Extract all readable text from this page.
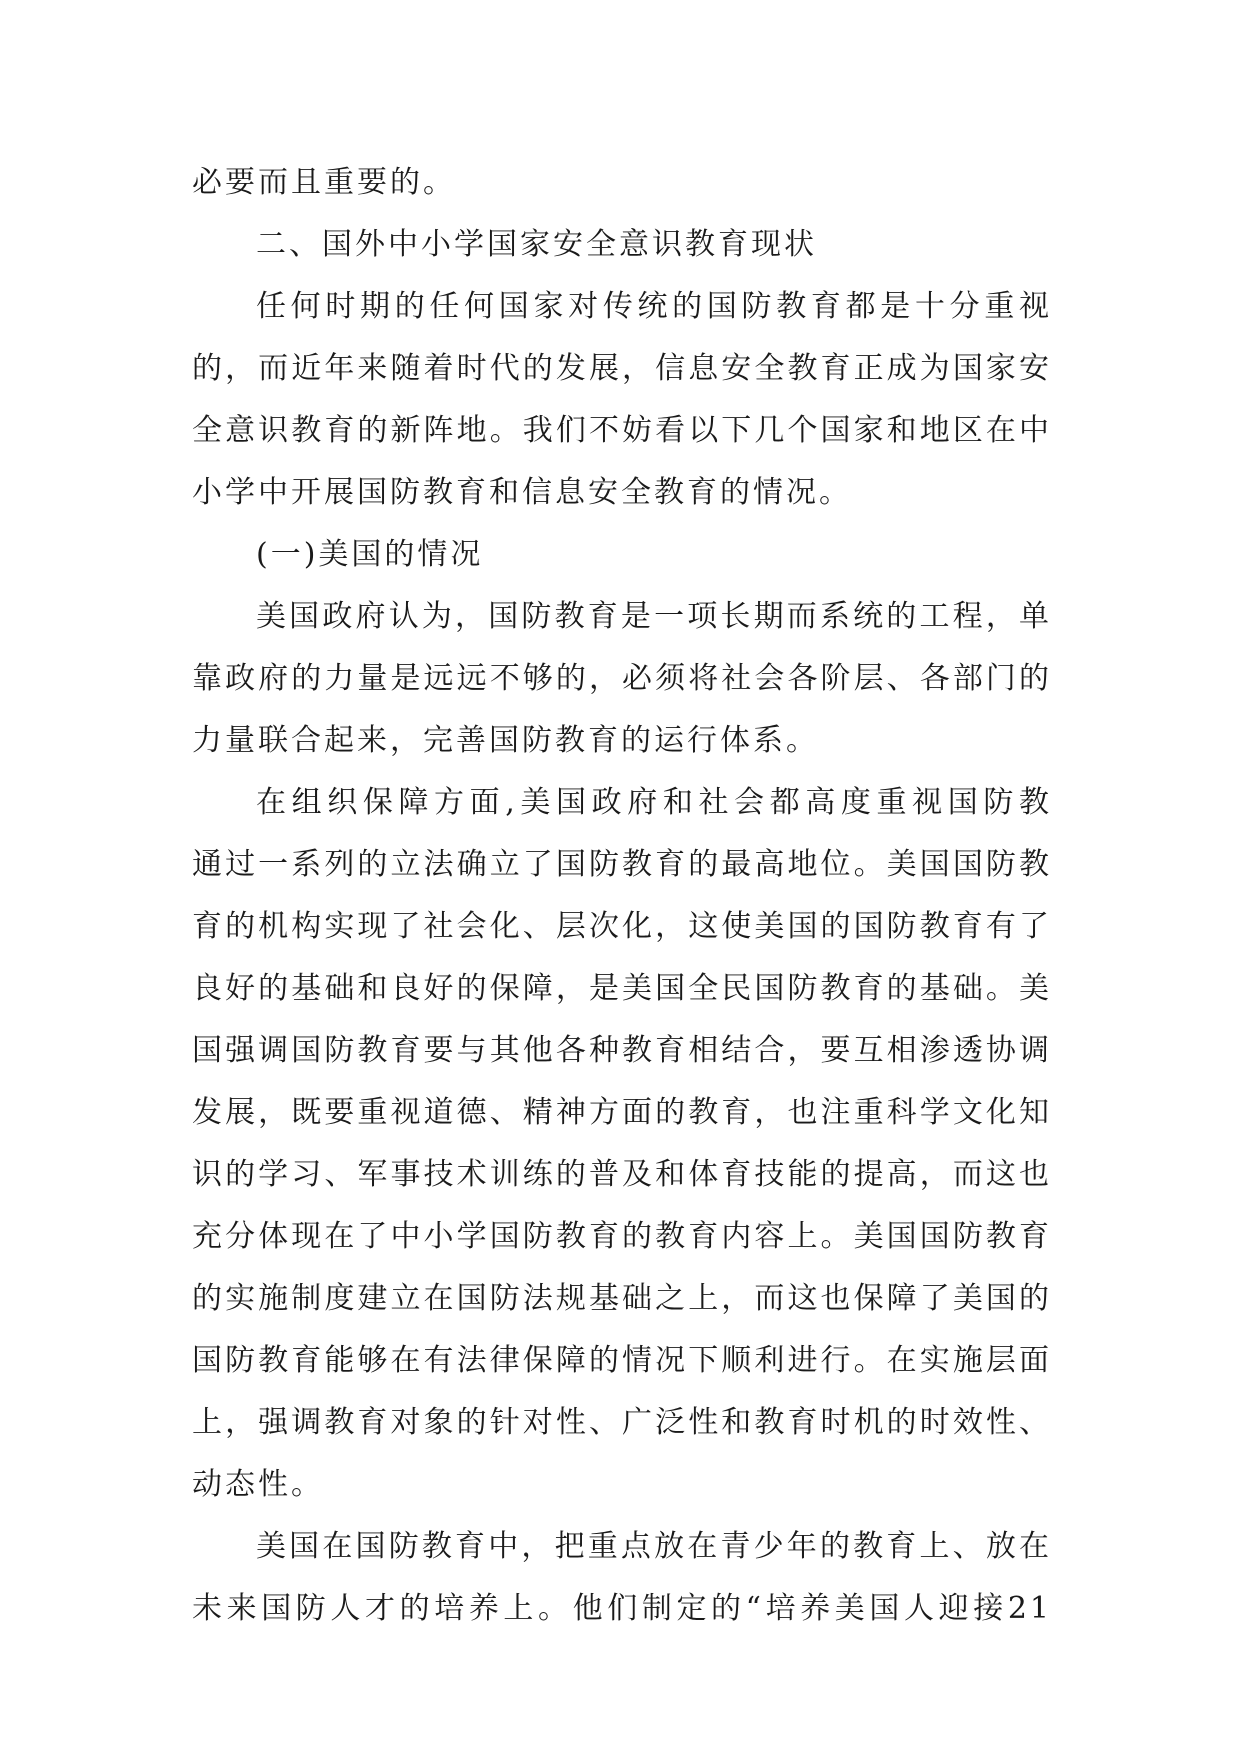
必要而且重要的。
二、国外中小学国家安全意识教育现状
任何时期的任何国家对传统的国防教育都是十分重视
的，而近年来随着时代的发展，信息安全教育正成为国家安
全意识教育的新阵地。我们不妨看以下几个国家和地区在中
小学中开展国防教育和信息安全教育的情况。
(一)美国的情况
美国政府认为，国防教育是一项长期而系统的工程，单
靠政府的力量是远远不够的，必须将社会各阶层、各部门的
力量联合起来，完善国防教育的运行体系。
在组织保障方面,美国政府和社会都高度重视国防教
通过一系列的立法确立了国防教育的最高地位。美国国防教
育的机构实现了社会化、层次化，这使美国的国防教育有了
良好的基础和良好的保障，是美国全民国防教育的基础。美
国强调国防教育要与其他各种教育相结合，要互相渗透协调
发展，既要重视道德、精神方面的教育，也注重科学文化知
识的学习、军事技术训练的普及和体育技能的提高，而这也
充分体现在了中小学国防教育的教育内容上。美国国防教育
的实施制度建立在国防法规基础之上，而这也保障了美国的
国防教育能够在有法律保障的情况下顺利进行。在实施层面
上，强调教育对象的针对性、广泛性和教育时机的时效性、
动态性。
美国在国防教育中，把重点放在青少年的教育上、放在
未来国防人才的培养上。他们制定的“培养美国人迎接21
